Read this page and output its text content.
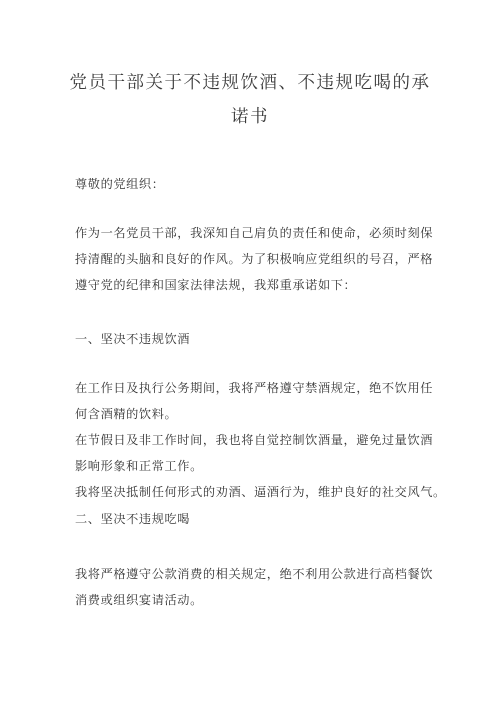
党员干部关于不违规饮酒、不违规吃喝的承
诺书
尊敬的党组织：
作为一名党员干部，我深知自己肩负的责任和使命，必须时刻保
持清醒的头脑和良好的作风。为了积极响应党组织的号召，严格
遵守党的纪律和国家法律法规，我郑重承诺如下：
一、坚决不违规饮酒
在工作日及执行公务期间，我将严格遵守禁酒规定，绝不饮用任
何含酒精的饮料。
在节假日及非工作时间，我也将自觉控制饮酒量，避免过量饮酒
影响形象和正常工作。
我将坚决抵制任何形式的劝酒、逼酒行为，维护良好的社交风气。
二、坚决不违规吃喝
我将严格遵守公款消费的相关规定，绝不利用公款进行高档餐饮
消费或组织宴请活动。
